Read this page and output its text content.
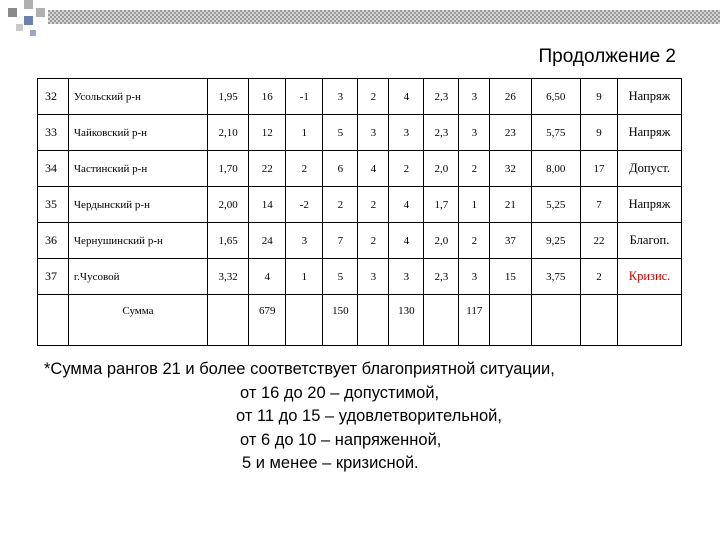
Продолжение 2
32	Усольский р-н	1,95	16	-1	3	2	4	2,3	3	26	6,50	9	Напряж
33	Чайковский р-н	2,10	12	1	5	3	3	2,3	3	23	5,75	9	Напряж
34	Частинский р-н	1,70	22	2	6	4	2	2,0	2	32	8,00	17	Допуст.
35	Чердынский р-н	2,00	14	-2	2	2	4	1,7	1	21	5,25	7	Напряж
36	Чернушинский р-н	1,65	24	3	7	2	4	2,0	2	37	9,25	22	Благоп.
37	г.Чусовой	3,32	4	1	5	3	3	2,3	3	15	3,75	2	Кризис.
	Сумма		679		150		130		117				
*Сумма рангов 21 и более соответствует благоприятной ситуации,
от 16 до 20 – допустимой,
от 11 до 15 – удовлетворительной,
от 6 до 10 – напряженной,
5 и менее – кризисной.
